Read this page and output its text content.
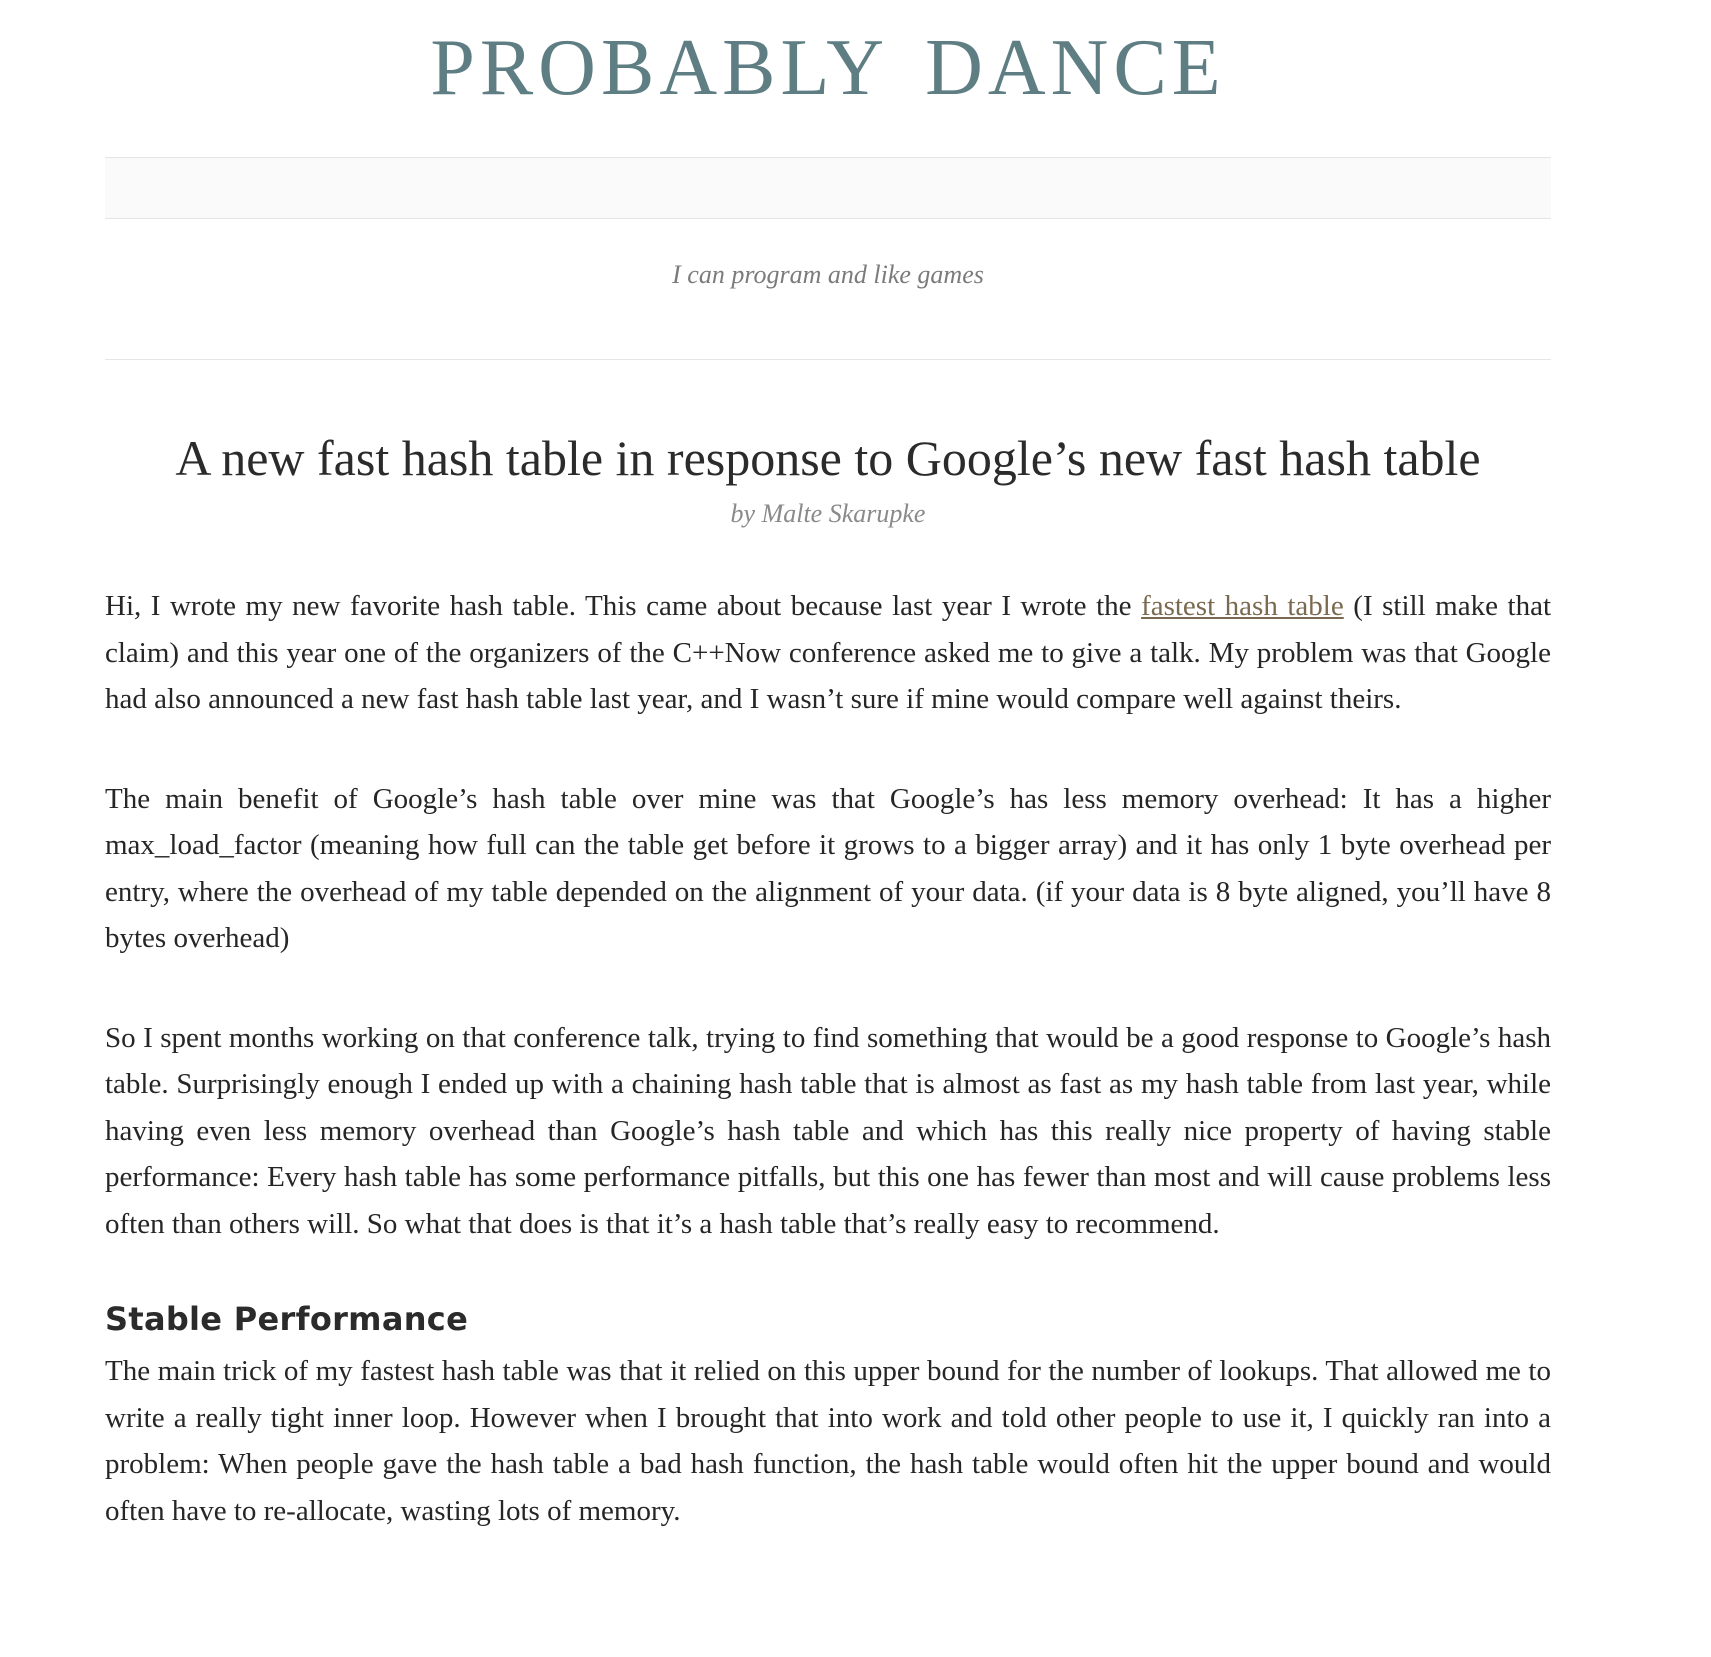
PROBABLY DANCE
I can program and like games
A new fast hash table in response to Google’s new fast hash table
by Malte Skarupke

Hi, I wrote my new favorite hash table. This came about because last year I wrote the fastest hash table (I still make that claim) and this year one of the organizers of the C++Now conference asked me to give a talk. My problem was that Google had also announced a new fast hash table last year, and I wasn’t sure if mine would compare well against theirs.

The main benefit of Google’s hash table over mine was that Google’s has less memory overhead: It has a higher max_load_factor (meaning how full can the table get before it grows to a bigger array) and it has only 1 byte overhead per entry, where the overhead of my table depended on the alignment of your data. (if your data is 8 byte aligned, you’ll have 8 bytes overhead)

So I spent months working on that conference talk, trying to find something that would be a good response to Google’s hash table. Surprisingly enough I ended up with a chaining hash table that is almost as fast as my hash table from last year, while having even less memory overhead than Google’s hash table and which has this really nice property of having stable performance: Every hash table has some performance pitfalls, but this one has fewer than most and will cause problems less often than others will. So what that does is that it’s a hash table that’s really easy to recommend.

Stable Performance

The main trick of my fastest hash table was that it relied on this upper bound for the number of lookups. That allowed me to write a really tight inner loop. However when I brought that into work and told other people to use it, I quickly ran into a problem: When people gave the hash table a bad hash function, the hash table would often hit the upper bound and would often have to re-allocate, wasting lots of memory.
